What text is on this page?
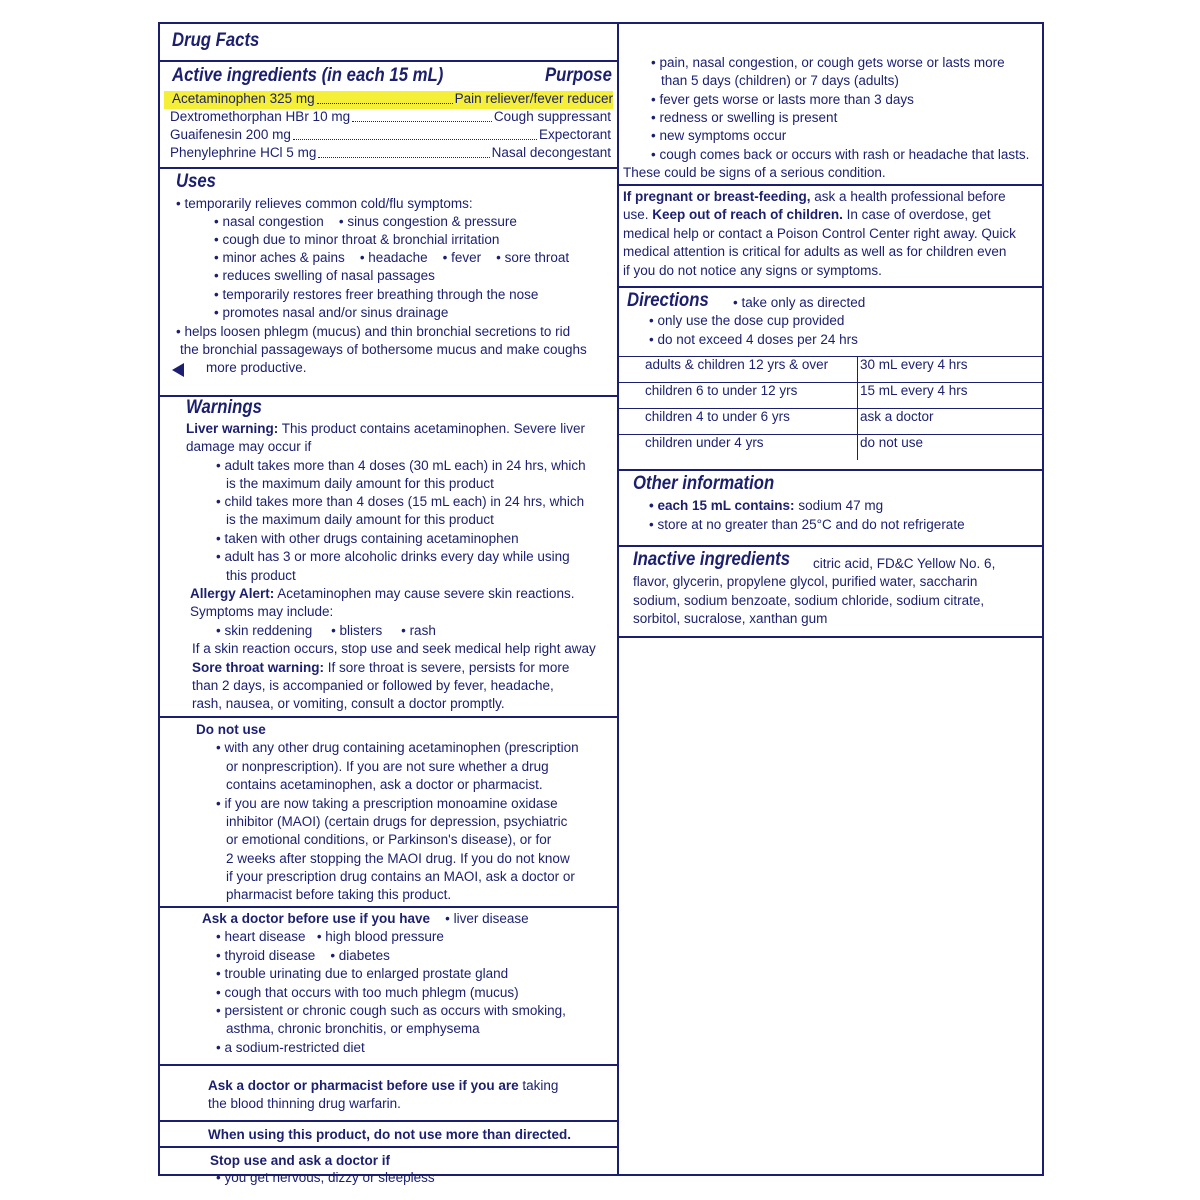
Drug Facts
Active ingredients (in each 15 mL)	Purpose
Acetaminophen 325 mg	Pain reliever/fever reducer
Dextromethorphan HBr 10 mg	Cough suppressant
Guaifenesin 200 mg	Expectorant
Phenylephrine HCl 5 mg	Nasal decongestant
Uses
• temporarily relieves common cold/flu symptoms:
• nasal congestion • sinus congestion & pressure
• cough due to minor throat & bronchial irritation
• minor aches & pains • headache • fever • sore throat
• reduces swelling of nasal passages
• temporarily restores freer breathing through the nose
• promotes nasal and/or sinus drainage
• helps loosen phlegm (mucus) and thin bronchial secretions to rid
the bronchial passageways of bothersome mucus and make coughs
more productive.
Warnings
Liver warning: This product contains acetaminophen. Severe liver
damage may occur if
• adult takes more than 4 doses (30 mL each) in 24 hrs, which
is the maximum daily amount for this product
• child takes more than 4 doses (15 mL each) in 24 hrs, which
is the maximum daily amount for this product
• taken with other drugs containing acetaminophen
• adult has 3 or more alcoholic drinks every day while using
this product
Allergy Alert: Acetaminophen may cause severe skin reactions.
Symptoms may include:
• skin reddening • blisters • rash
If a skin reaction occurs, stop use and seek medical help right away
Sore throat warning: If sore throat is severe, persists for more
than 2 days, is accompanied or followed by fever, headache,
rash, nausea, or vomiting, consult a doctor promptly.
Do not use
• with any other drug containing acetaminophen (prescription
or nonprescription). If you are not sure whether a drug
contains acetaminophen, ask a doctor or pharmacist.
• if you are now taking a prescription monoamine oxidase
inhibitor (MAOI) (certain drugs for depression, psychiatric
or emotional conditions, or Parkinson's disease), or for
2 weeks after stopping the MAOI drug. If you do not know
if your prescription drug contains an MAOI, ask a doctor or
pharmacist before taking this product.
Ask a doctor before use if you have • liver disease
• heart disease • high blood pressure
• thyroid disease • diabetes
• trouble urinating due to enlarged prostate gland
• cough that occurs with too much phlegm (mucus)
• persistent or chronic cough such as occurs with smoking,
asthma, chronic bronchitis, or emphysema
• a sodium-restricted diet
Ask a doctor or pharmacist before use if you are taking
the blood thinning drug warfarin.
When using this product, do not use more than directed.
Stop use and ask a doctor if
• you get nervous, dizzy or sleepless
• pain, nasal congestion, or cough gets worse or lasts more
than 5 days (children) or 7 days (adults)
• fever gets worse or lasts more than 3 days
• redness or swelling is present
• new symptoms occur
• cough comes back or occurs with rash or headache that lasts.
These could be signs of a serious condition.
If pregnant or breast-feeding, ask a health professional before
use. Keep out of reach of children. In case of overdose, get
medical help or contact a Poison Control Center right away. Quick
medical attention is critical for adults as well as for children even
if you do not notice any signs or symptoms.
Directions	• take only as directed
• only use the dose cup provided
• do not exceed 4 doses per 24 hrs
adults & children 12 yrs & over	30 mL every 4 hrs
children 6 to under 12 yrs	15 mL every 4 hrs
children 4 to under 6 yrs	ask a doctor
children under 4 yrs	do not use
Other information
• each 15 mL contains: sodium 47 mg
• store at no greater than 25°C and do not refrigerate
Inactive ingredients	citric acid, FD&C Yellow No. 6,
flavor, glycerin, propylene glycol, purified water, saccharin
sodium, sodium benzoate, sodium chloride, sodium citrate,
sorbitol, sucralose, xanthan gum
